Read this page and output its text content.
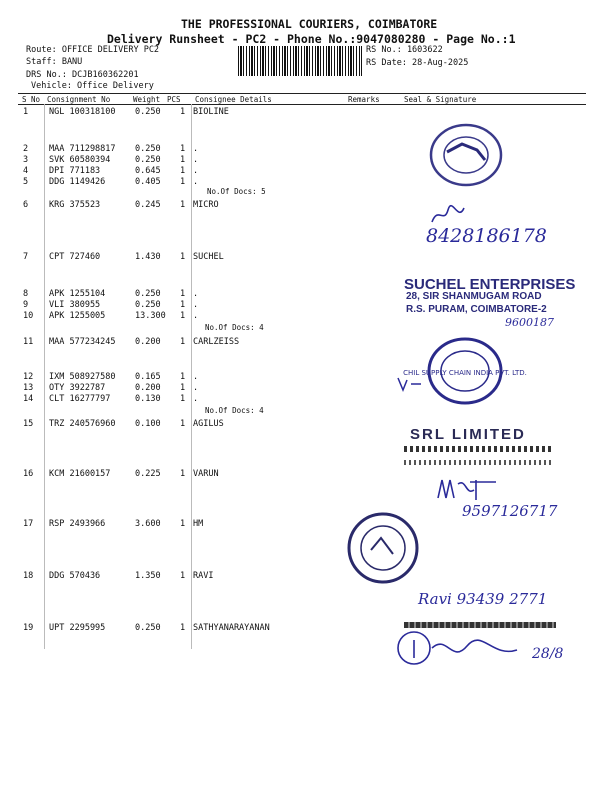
THE PROFESSIONAL COURIERS, COIMBATORE
Delivery Runsheet - PC2 - Phone No.:9047080280 - Page No.:1
Route: OFFICE DELIVERY PC2
Staff: BANU
DRS No.: DCJB160362201
Vehicle: Office Delivery
RS No.: 1603622
RS Date: 28-Aug-2025
S No Consignment No	Weight PCS Consignee Details	Remarks	Seal & Signature
1 NGL 100318100 0.250 1 BIOLINE
2 MAA 711298817 0.250 1 .
3 SVK 60580394	0.250 1 .
4 DPI 771183	0.645 1 .
5 DDG 1149426	0.405 1 .
6 KRG 375523	0.245 1 MICRO
7 CPT 727460	1.430 1 SUCHEL
8 APK 1255104	0.250 1 .
9 VLI 380955	0.250 1 .
10 APK 1255005	13.300 1 .
11 MAA 577234245 0.200 1 CARLZEISS
12 IXM 508927580 0.165 1 .
13 OTY 3922787	0.200 1 .
14 CLT 16277797	0.130 1 .
15 TRZ 240576960 0.100 1 AGILUS
16 KCM 21600157	0.225 1 VARUN
17 RSP 2493966	3.600 1 HM
18 DDG 570436	1.350 1 RAVI
19 UPT 2295995	0.250 1 SATHYANARAYANAN
No.Of Docs: 5
No.Of Docs: 4
No.Of Docs: 4
8428186178
SUCHEL ENTERPRISES
28, SIR SHANMUGAM ROAD
R.S. PURAM, COIMBATORE-2
9600187
CHIL SUPPLY CHAIN INDIA PVT. LTD.
SRL LIMITED
9597126717
Ravi 93439 2771
28/8
